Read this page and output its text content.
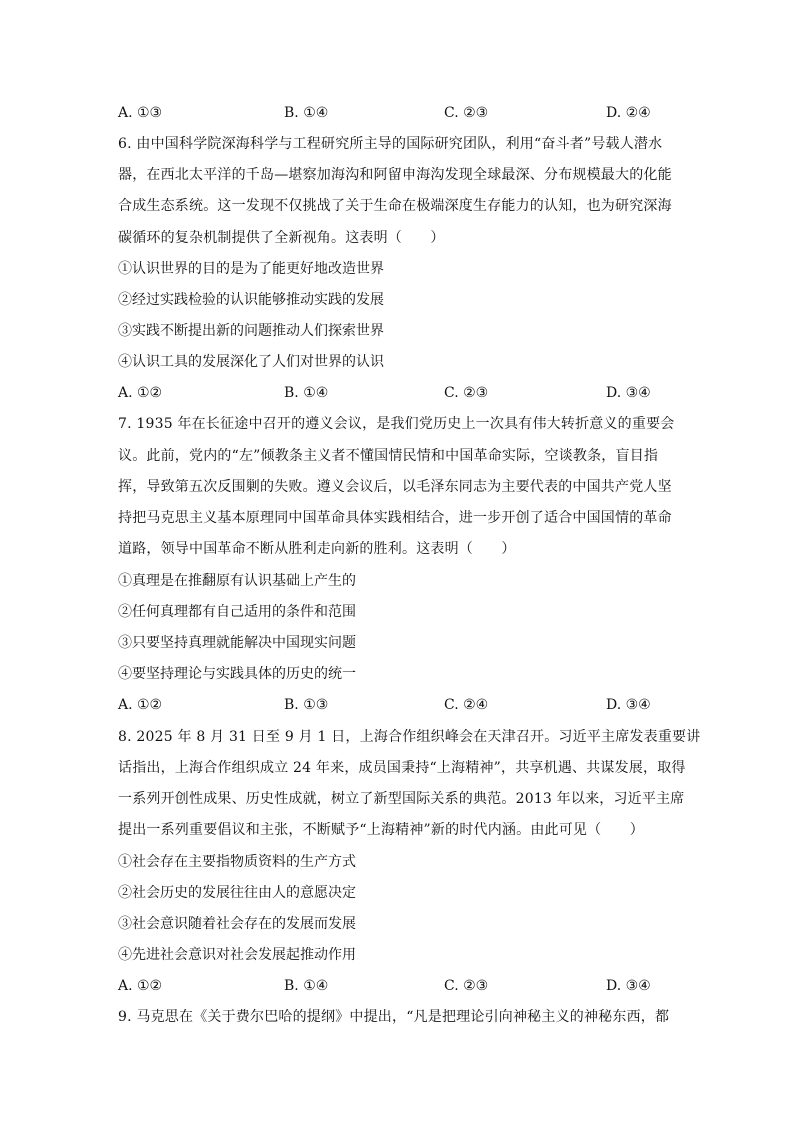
A. ①③	B. ①④	C. ②③	D. ②④
6. 由中国科学院深海科学与工程研究所主导的国际研究团队，利用“奋斗者”号载人潜水
器，在西北太平洋的千岛—堪察加海沟和阿留申海沟发现全球最深、分布规模最大的化能
合成生态系统。这一发现不仅挑战了关于生命在极端深度生存能力的认知，也为研究深海
碳循环的复杂机制提供了全新视角。这表明（　　）
①认识世界的目的是为了能更好地改造世界
②经过实践检验的认识能够推动实践的发展
③实践不断提出新的问题推动人们探索世界
④认识工具的发展深化了人们对世界的认识
A. ①②	B. ①④	C. ②③	D. ③④
7. 1935 年在长征途中召开的遵义会议，是我们党历史上一次具有伟大转折意义的重要会
议。此前，党内的“左”倾教条主义者不懂国情民情和中国革命实际，空谈教条，盲目指
挥，导致第五次反围剿的失败。遵义会议后，以毛泽东同志为主要代表的中国共产党人坚
持把马克思主义基本原理同中国革命具体实践相结合，进一步开创了适合中国国情的革命
道路，领导中国革命不断从胜利走向新的胜利。这表明（　　）
①真理是在推翻原有认识基础上产生的
②任何真理都有自己适用的条件和范围
③只要坚持真理就能解决中国现实问题
④要坚持理论与实践具体的历史的统一
A. ①②	B. ①③	C. ②④	D. ③④
8. 2025 年 8 月 31 日至 9 月 1 日，上海合作组织峰会在天津召开。习近平主席发表重要讲
话指出，上海合作组织成立 24 年来，成员国秉持“上海精神”，共享机遇、共谋发展，取得
一系列开创性成果、历史性成就，树立了新型国际关系的典范。2013 年以来，习近平主席
提出一系列重要倡议和主张，不断赋予“上海精神”新的时代内涵。由此可见（　　）
①社会存在主要指物质资料的生产方式
②社会历史的发展往往由人的意愿决定
③社会意识随着社会存在的发展而发展
④先进社会意识对社会发展起推动作用
A. ①②	B. ①④	C. ②③	D. ③④
9. 马克思在《关于费尔巴哈的提纲》中提出，“凡是把理论引向神秘主义的神秘东西，都
